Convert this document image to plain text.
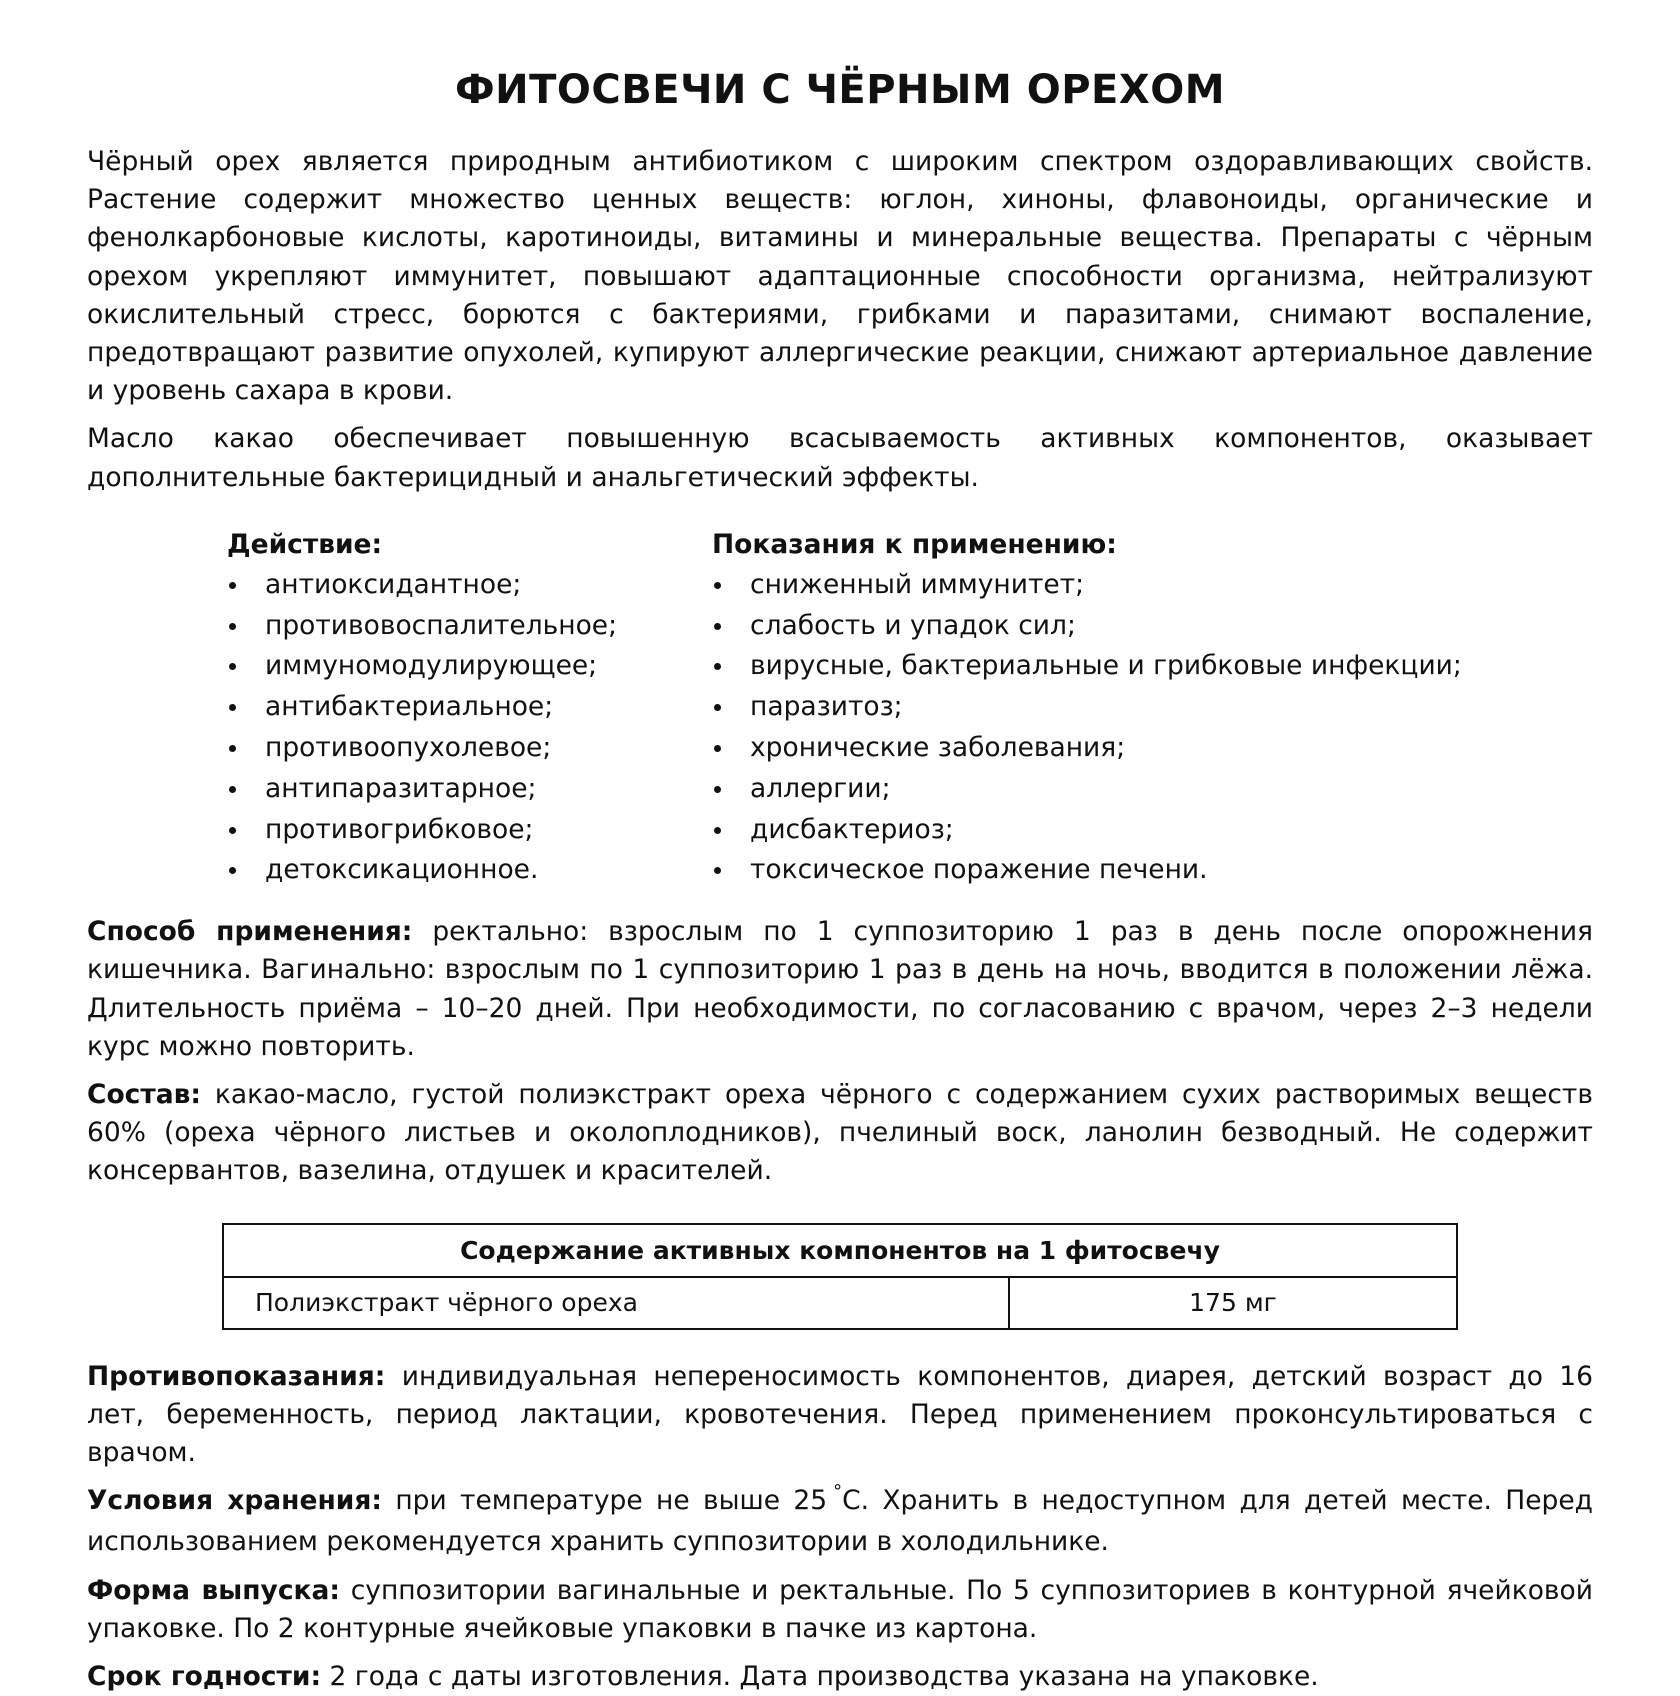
ФИТОСВЕЧИ С ЧЁРНЫМ ОРЕХОМ

Чёрный орех является природным антибиотиком с широким спектром оздоравливающих свойств. Растение содержит множество ценных веществ: юглон, хиноны, флавоноиды, органические и фенолкарбоновые кислоты, каротиноиды, витамины и минеральные вещества. Препараты с чёрным орехом укрепляют иммунитет, повышают адаптационные способности организма, нейтрализуют окислительный стресс, борются с бактериями, грибками и паразитами, снимают воспаление, предотвращают развитие опухолей, купируют аллергические реакции, снижают артериальное давление и уровень сахара в крови.

Масло какао обеспечивает повышенную всасываемость активных компонентов, оказывает дополнительные бактерицидный и анальгетический эффекты.

Действие:
антиоксидантное;
противовоспалительное;
иммуномодулирующее;
антибактериальное;
противоопухолевое;
антипаразитарное;
противогрибковое;
детоксикационное.
Показания к применению:
сниженный иммунитет;
слабость и упадок сил;
вирусные, бактериальные и грибковые инфекции;
паразитоз;
хронические заболевания;
аллергии;
дисбактериоз;
токсическое поражение печени.

Способ применения: ректально: взрослым по 1 суппозиторию 1 раз в день после опорожнения кишечника. Вагинально: взрослым по 1 суппозиторию 1 раз в день на ночь, вводится в положении лёжа. Длительность приёма – 10–20 дней. При необходимости, по согласованию с врачом, через 2–3 недели курс можно повторить.

Состав: какао-масло, густой полиэкстракт ореха чёрного с содержанием сухих растворимых веществ 60% (ореха чёрного листьев и околоплодников), пчелиный воск, ланолин безводный. Не содержит консервантов, вазелина, отдушек и красителей.

Содержание активных компонентов на 1 фитосвечу
Полиэкстракт чёрного ореха	175 мг

Противопоказания: индивидуальная непереносимость компонентов, диарея, детский возраст до 16 лет, беременность, период лактации, кровотечения. Перед применением проконсультироваться с врачом.

Условия хранения: при температуре не выше 25 °С. Хранить в недоступном для детей месте. Перед использованием рекомендуется хранить суппозитории в холодильнике.

Форма выпуска: суппозитории вагинальные и ректальные. По 5 суппозиториев в контурной ячейковой упаковке. По 2 контурные ячейковые упаковки в пачке из картона.

Срок годности: 2 года с даты изготовления. Дата производства указана на упаковке.
